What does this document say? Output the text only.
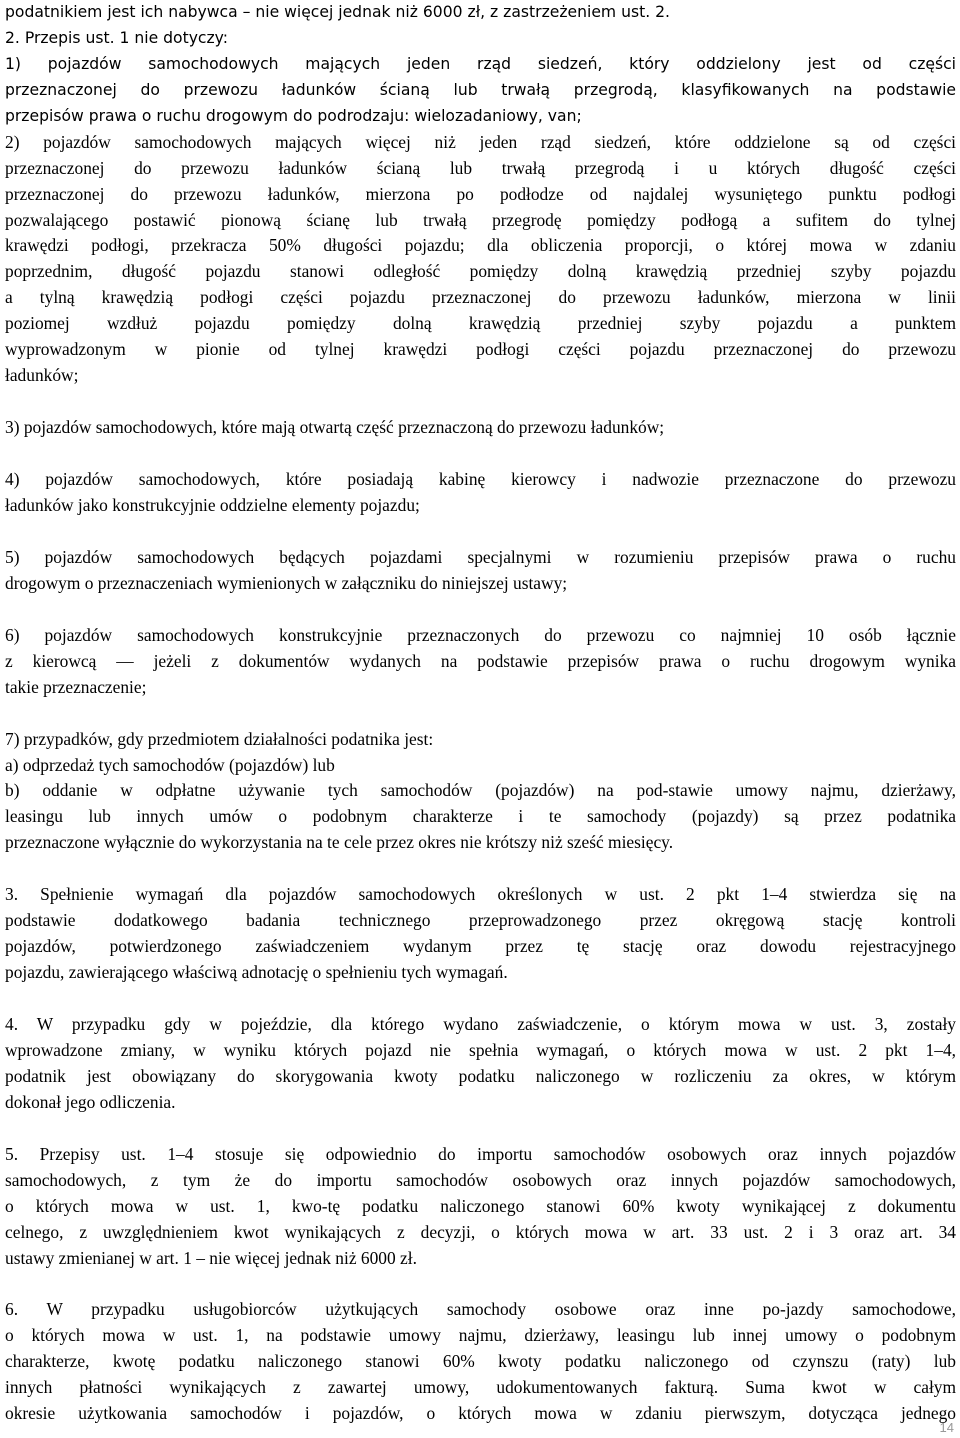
podatnikiem jest ich nabywca – nie więcej jednak niż 6000 zł, z zastrzeżeniem ust. 2.
2. Przepis ust. 1 nie dotyczy:
1) pojazdów samochodowych mających jeden rząd siedzeń, który oddzielony jest od części
przeznaczonej do przewozu ładunków ścianą lub trwałą przegrodą, klasyfikowanych na podstawie
przepisów prawa o ruchu drogowym do podrodzaju: wielozadaniowy, van;
2) pojazdów samochodowych mających więcej niż jeden rząd siedzeń, które oddzielone są od części
przeznaczonej do przewozu ładunków ścianą lub trwałą przegrodą i u których długość części
przeznaczonej do przewozu ładunków, mierzona po podłodze od najdalej wysuniętego punktu podłogi
pozwalającego postawić pionową ścianę lub trwałą przegrodę pomiędzy podłogą a sufitem do tylnej
krawędzi podłogi, przekracza 50% długości pojazdu; dla obliczenia proporcji, o której mowa w zdaniu
poprzednim, długość pojazdu stanowi odległość pomiędzy dolną krawędzią przedniej szyby pojazdu
a tylną krawędzią podłogi części pojazdu przeznaczonej do przewozu ładunków, mierzona w linii
poziomej wzdłuż pojazdu pomiędzy dolną krawędzią przedniej szyby pojazdu a punktem
wyprowadzonym w pionie od tylnej krawędzi podłogi części pojazdu przeznaczonej do przewozu
ładunków;
3) pojazdów samochodowych, które mają otwartą część przeznaczoną do przewozu ładunków;
4) pojazdów samochodowych, które posiadają kabinę kierowcy i nadwozie przeznaczone do przewozu
ładunków jako konstrukcyjnie oddzielne elementy pojazdu;
5) pojazdów samochodowych będących pojazdami specjalnymi w rozumieniu przepisów prawa o ruchu
drogowym o przeznaczeniach wymienionych w załączniku do niniejszej ustawy;
6) pojazdów samochodowych konstrukcyjnie przeznaczonych do przewozu co najmniej 10 osób łącznie
z kierowcą — jeżeli z dokumentów wydanych na podstawie przepisów prawa o ruchu drogowym wynika
takie przeznaczenie;
7) przypadków, gdy przedmiotem działalności podatnika jest:
a) odprzedaż tych samochodów (pojazdów) lub
b) oddanie w odpłatne używanie tych samochodów (pojazdów) na pod-stawie umowy najmu, dzierżawy,
leasingu lub innych umów o podobnym charakterze i te samochody (pojazdy) są przez podatnika
przeznaczone wyłącznie do wykorzystania na te cele przez okres nie krótszy niż sześć miesięcy.
3. Spełnienie wymagań dla pojazdów samochodowych określonych w ust. 2 pkt 1–4 stwierdza się na
podstawie dodatkowego badania technicznego przeprowadzonego przez okręgową stację kontroli
pojazdów, potwierdzonego zaświadczeniem wydanym przez tę stację oraz dowodu rejestracyjnego
pojazdu, zawierającego właściwą adnotację o spełnieniu tych wymagań.
4. W przypadku gdy w pojeździe, dla którego wydano zaświadczenie, o którym mowa w ust. 3, zostały
wprowadzone zmiany, w wyniku których pojazd nie spełnia wymagań, o których mowa w ust. 2 pkt 1–4,
podatnik jest obowiązany do skorygowania kwoty podatku naliczonego w rozliczeniu za okres, w którym
dokonał jego odliczenia.
5. Przepisy ust. 1–4 stosuje się odpowiednio do importu samochodów osobowych oraz innych pojazdów
samochodowych, z tym że do importu samochodów osobowych oraz innych pojazdów samochodowych,
o których mowa w ust. 1, kwo-tę podatku naliczonego stanowi 60% kwoty wynikającej z dokumentu
celnego, z uwzględnieniem kwot wynikających z decyzji, o których mowa w art. 33 ust. 2 i 3 oraz art. 34
ustawy zmienianej w art. 1 – nie więcej jednak niż 6000 zł.
6. W przypadku usługobiorców użytkujących samochody osobowe oraz inne po-jazdy samochodowe,
o których mowa w ust. 1, na podstawie umowy najmu, dzierżawy, leasingu lub innej umowy o podobnym
charakterze, kwotę podatku naliczonego stanowi 60% kwoty podatku naliczonego od czynszu (raty) lub
innych płatności wynikających z zawartej umowy, udokumentowanych fakturą. Suma kwot w całym
okresie użytkowania samochodów i pojazdów, o których mowa w zdaniu pierwszym, dotycząca jednego
14
